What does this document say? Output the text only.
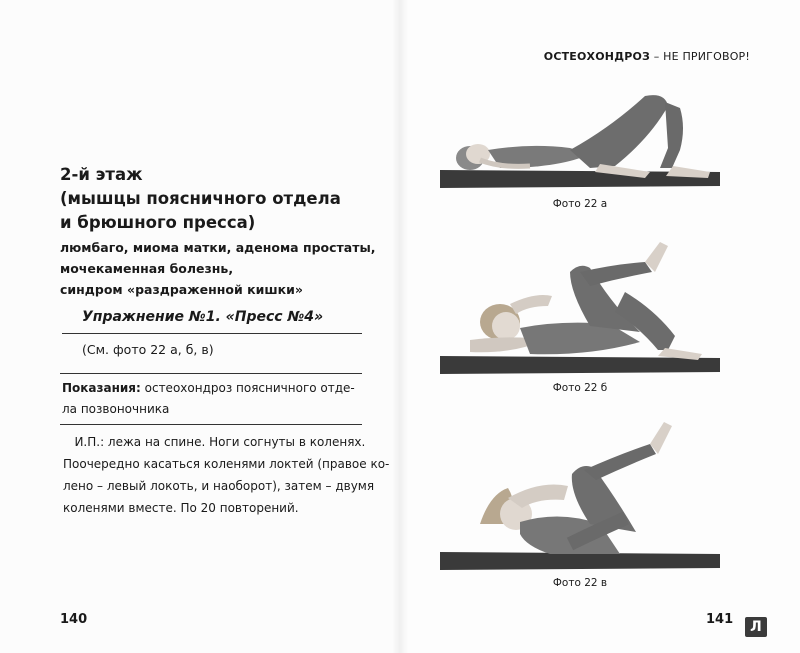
ОСТЕОХОНДРОЗ – НЕ ПРИГОВОР!
2-й этаж
(мышцы поясничного отдела
и брюшного пресса)
люмбаго, миома матки, аденома простаты,
мочекаменная болезнь,
синдром «раздраженной кишки»
Упражнение №1. «Пресс №4»
(См. фото 22 а, б, в)
Показания: остеохондроз поясничного отде-
ла позвоночника
И.П.: лежа на спине. Ноги согнуты в коленях.
Поочередно касаться коленями локтей (правое ко-
лено – левый локоть, и наоборот), затем – двумя
коленями вместе. По 20 повторений.
Фото 22 а
Фото 22 б
Фото 22 в
140	141	Л
